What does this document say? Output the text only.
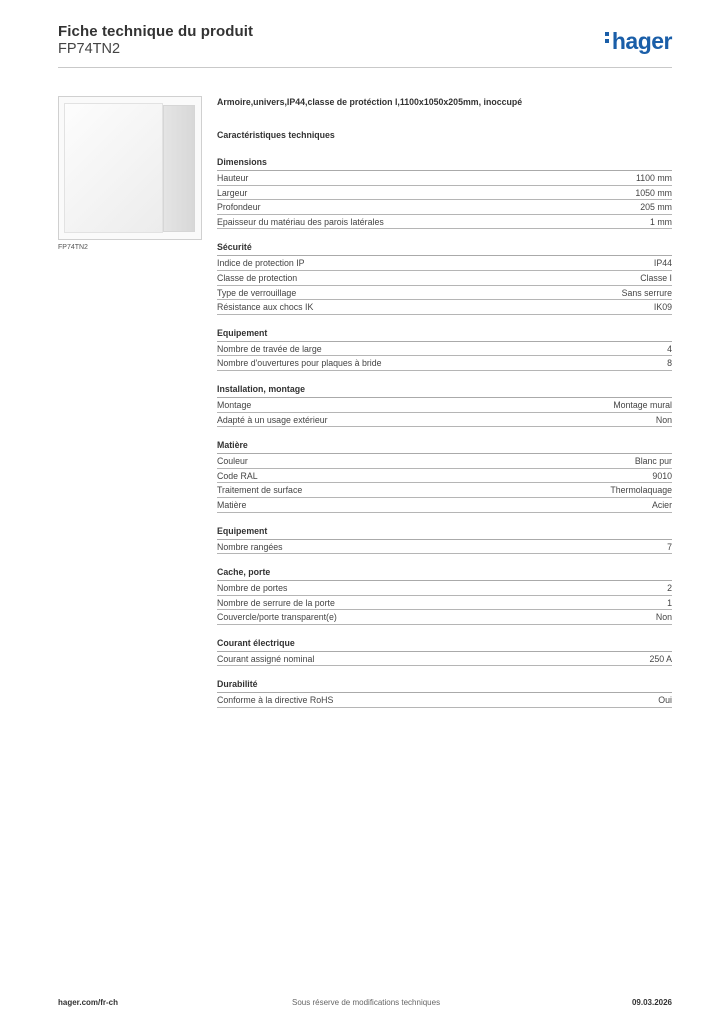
Fiche technique du produit
FP74TN2	hager
FP74TN2
Armoire,univers,IP44,classe de protéction l,1100x1050x205mm, inoccupé
Caractéristiques techniques
Dimensions
Hauteur	1100 mm
Largeur	1050 mm
Profondeur	205 mm
Epaisseur du matériau des parois latérales	1 mm
Sécurité
Indice de protection IP	IP44
Classe de protection	Classe I
Type de verrouillage	Sans serrure
Résistance aux chocs IK	IK09
Equipement
Nombre de travée de large	4
Nombre d'ouvertures pour plaques à bride	8
Installation, montage
Montage	Montage mural
Adapté à un usage extérieur	Non
Matière
Couleur	Blanc pur
Code RAL	9010
Traitement de surface	Thermolaquage
Matière	Acier
Equipement
Nombre rangées	7
Cache, porte
Nombre de portes	2
Nombre de serrure de la porte	1
Couvercle/porte transparent(e)	Non
Courant électrique
Courant assigné nominal	250 A
Durabilité
Conforme à la directive RoHS	Oui
hager.com/fr-ch	Sous réserve de modifications techniques	09.03.2026
